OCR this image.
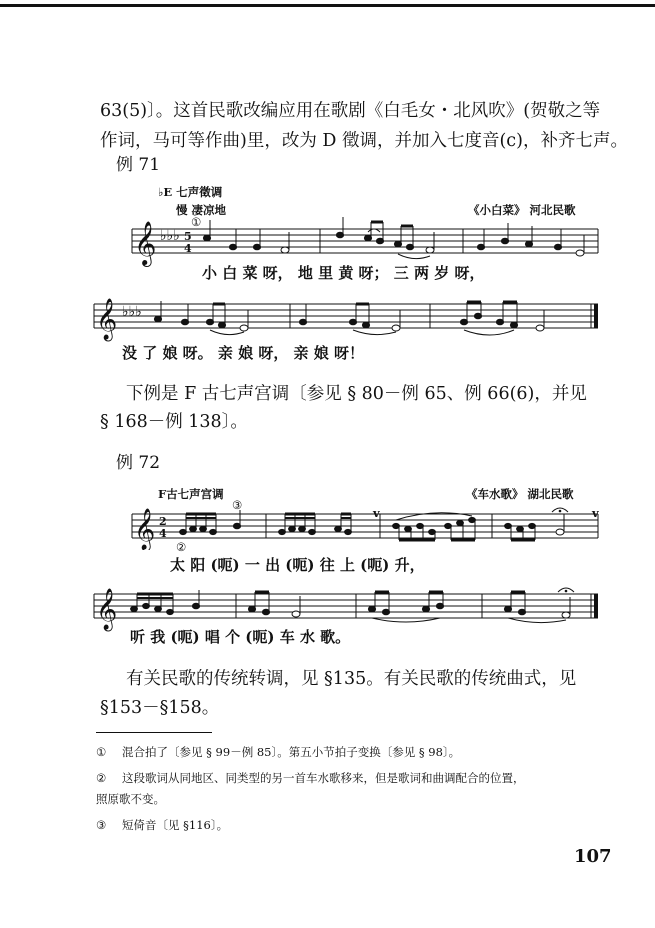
63(5)〕。这首民歌改编应用在歌剧《白毛女・北风吹》(贺敬之等
作词，马可等作曲)里，改为 D 徵调，并加入七度音(c)，补齐七声。
例 71
♭E 七声徵调
慢 凄凉地
①
《小白菜》 河北民歌
𝄞 ♭♭♭ 5
4
小 白 菜 呀， 地 里 黄 呀； 三 两 岁 呀，
𝄞 ♭♭♭
没 了 娘 呀。 亲 娘 呀， 亲 娘 呀！
下例是 F 古七声宫调〔参见 § 80－例 65、例 66(6)，并见
§ 168－例 138〕。
例 72
F古七声宫调	《车水歌》 湖北民歌
③
②
v	v
𝄞 2
4
太 阳 (呃) 一 出 (呃) 往 上 (呃) 升，
𝄞
听 我 (呃) 唱 个 (呃) 车 水 歌。
有关民歌的传统转调，见 §135。有关民歌的传统曲式，见
§153－§158。
① 混合拍了〔参见 § 99－例 85〕。第五小节拍子变换〔参见 § 98〕。
② 这段歌词从同地区、同类型的另一首车水歌移来，但是歌词和曲调配合的位置，
照原歌不变。
③ 短倚音〔见 §116〕。
107
